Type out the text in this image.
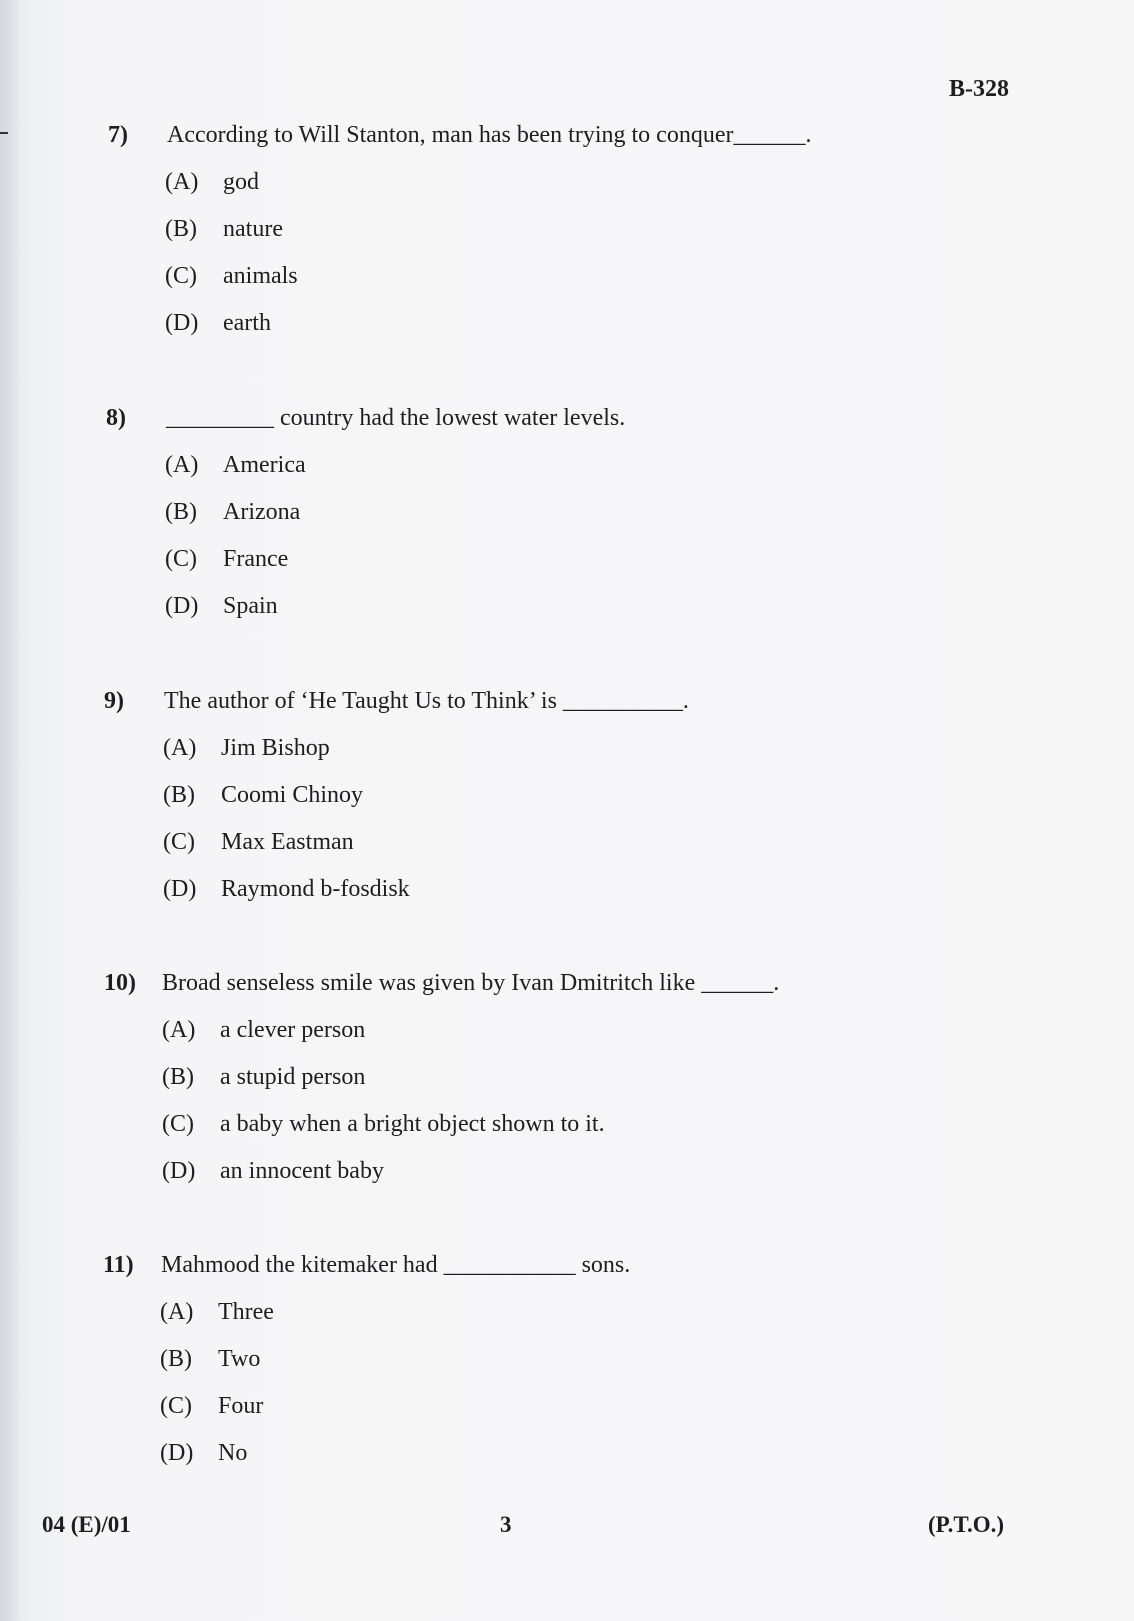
B-328
7) According to Will Stanton, man has been trying to conquer______.
(A) god
(B) nature
(C) animals
(D) earth
8) _________ country had the lowest water levels.
(A) America
(B) Arizona
(C) France
(D) Spain
9) The author of ‘He Taught Us to Think’ is __________.
(A) Jim Bishop
(B) Coomi Chinoy
(C) Max Eastman
(D) Raymond b-fosdisk
10) Broad senseless smile was given by Ivan Dmitritch like ______.
(A) a clever person
(B) a stupid person
(C) a baby when a bright object shown to it.
(D) an innocent baby
11) Mahmood the kitemaker had ___________ sons.
(A) Three
(B) Two
(C) Four
(D) No
04 (E)/01	3	(P.T.O.)
